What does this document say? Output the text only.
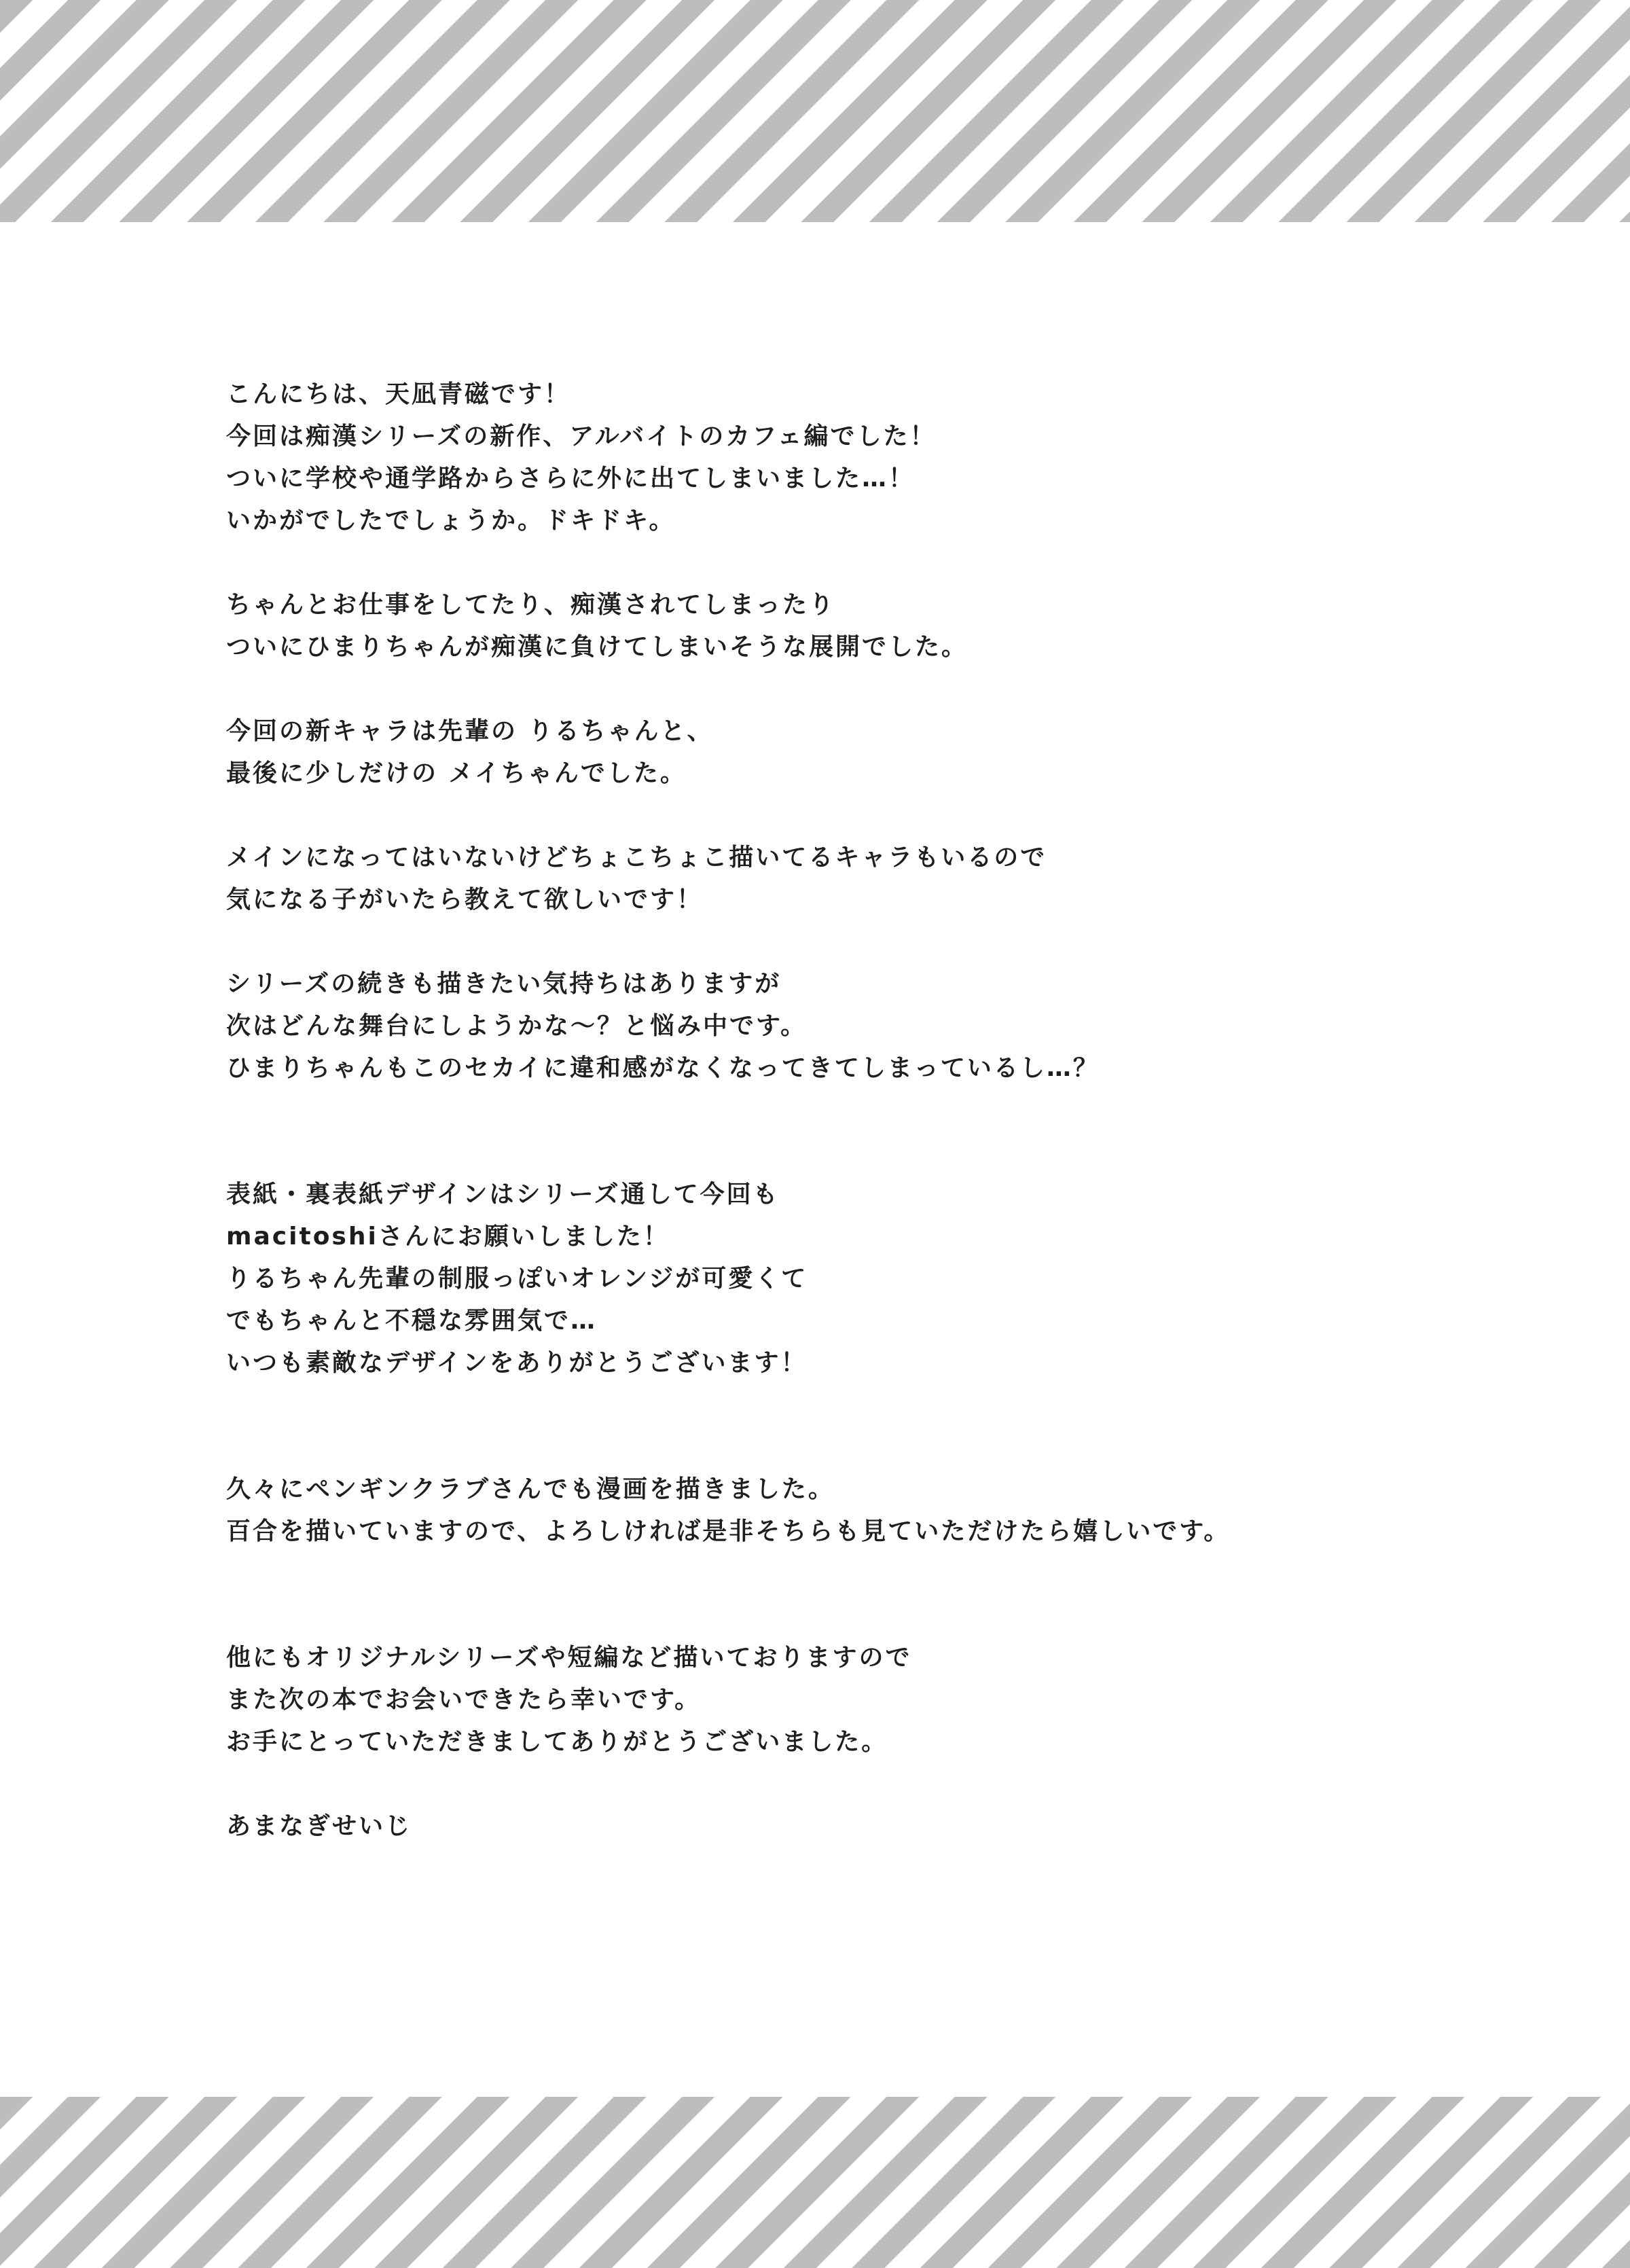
こんにちは、天凪青磁です！
今回は痴漢シリーズの新作、アルバイトのカフェ編でした！
ついに学校や通学路からさらに外に出てしまいました…！
いかがでしたでしょうか。ドキドキ。
ちゃんとお仕事をしてたり、痴漢されてしまったり
ついにひまりちゃんが痴漢に負けてしまいそうな展開でした。
今回の新キャラは先輩の りるちゃんと、
最後に少しだけの メイちゃんでした。
メインになってはいないけどちょこちょこ描いてるキャラもいるので
気になる子がいたら教えて欲しいです！
シリーズの続きも描きたい気持ちはありますが
次はどんな舞台にしようかな～？と悩み中です。
ひまりちゃんもこのセカイに違和感がなくなってきてしまっているし…？
表紙・裏表紙デザインはシリーズ通して今回も
macitoshiさんにお願いしました！
りるちゃん先輩の制服っぽいオレンジが可愛くて
でもちゃんと不穏な雰囲気で…
いつも素敵なデザインをありがとうございます！
久々にペンギンクラブさんでも漫画を描きました。
百合を描いていますので、よろしければ是非そちらも見ていただけたら嬉しいです。
他にもオリジナルシリーズや短編など描いておりますので
また次の本でお会いできたら幸いです。
お手にとっていただきましてありがとうございました。
あまなぎせいじ
